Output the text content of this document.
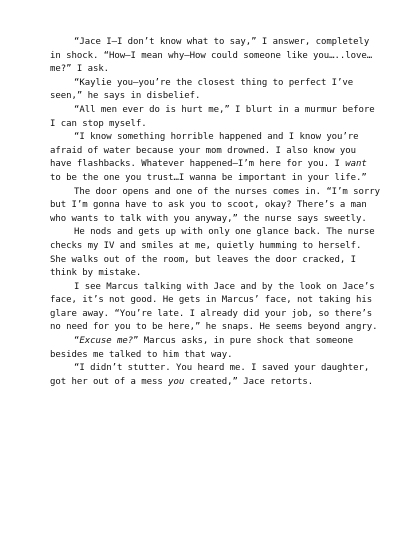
“Jace I—I don’t know what to say,” I answer, completely in shock. “How—I mean why—How could someone like you…..love…me?” I ask.

“Kaylie you—you’re the closest thing to perfect I’ve seen,” he says in disbelief.

“All men ever do is hurt me,” I blurt in a murmur before I can stop myself.

“I know something horrible happened and I know you’re afraid of water because your mom drowned. I also know you have flashbacks. Whatever happened—I’m here for you. I want to be the one you trust…I wanna be important in your life.”

The door opens and one of the nurses comes in. “I’m sorry but I’m gonna have to ask you to scoot, okay? There’s a man who wants to talk with you anyway,” the nurse says sweetly.

He nods and gets up with only one glance back. The nurse checks my IV and smiles at me, quietly humming to herself. She walks out of the room, but leaves the door cracked, I think by mistake.

I see Marcus talking with Jace and by the look on Jace’s face, it’s not good. He gets in Marcus’ face, not taking his glare away. “You’re late. I already did your job, so there’s no need for you to be here,” he snaps. He seems beyond angry.

“Excuse me?” Marcus asks, in pure shock that someone besides me talked to him that way.

“I didn’t stutter. You heard me. I saved your daughter, got her out of a mess you created,” Jace retorts.
